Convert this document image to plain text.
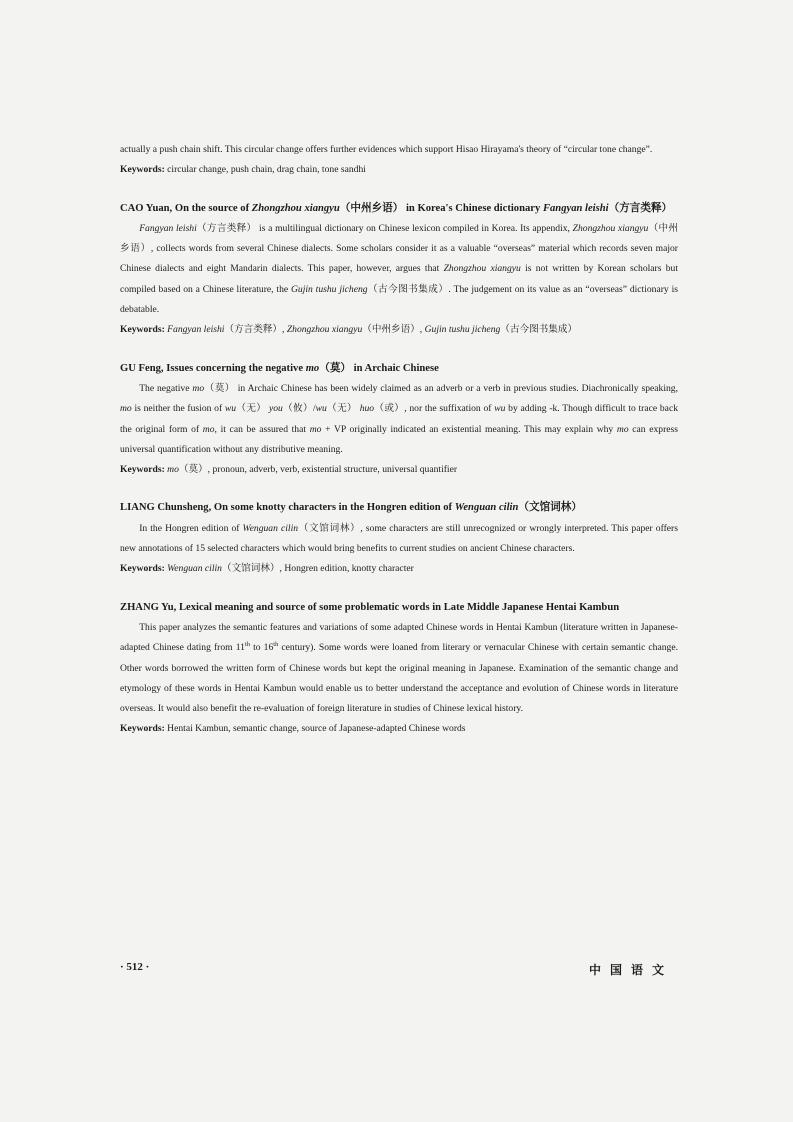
actually a push chain shift. This circular change offers further evidences which support Hisao Hirayama's theory of “circular tone change”.

Keywords: circular change, push chain, drag chain, tone sandhi

CAO Yuan, On the source of Zhongzhou xiangyu（中州乡语） in Korea's Chinese dictionary Fangyan leishi（方言类释）

Fangyan leishi（方言类释） is a multilingual dictionary on Chinese lexicon compiled in Korea. Its appendix, Zhongzhou xiangyu（中州乡语）, collects words from several Chinese dialects. Some scholars consider it as a valuable “overseas” material which records seven major Chinese dialects and eight Mandarin dialects. This paper, however, argues that Zhongzhou xiangyu is not written by Korean scholars but compiled based on a Chinese literature, the Gujin tushu jicheng（古今图书集成）. The judgement on its value as an “overseas” dictionary is debatable.

Keywords: Fangyan leishi（方言类释）, Zhongzhou xiangyu（中州乡语）, Gujin tushu jicheng（古今图书集成）

GU Feng, Issues concerning the negative mo（莫） in Archaic Chinese

The negative mo（莫） in Archaic Chinese has been widely claimed as an adverb or a verb in previous studies. Diachronically speaking, mo is neither the fusion of wu（无） you（攸）/wu（无） huo（或）, nor the suffixation of wu by adding -k. Though difficult to trace back the original form of mo, it can be assured that mo + VP originally indicated an existential meaning. This may explain why mo can express universal quantification without any distributive meaning.

Keywords: mo（莫）, pronoun, adverb, verb, existential structure, universal quantifier

LIANG Chunsheng, On some knotty characters in the Hongren edition of Wenguan cilin（文馆词林）

In the Hongren edition of Wenguan cilin（文馆词林）, some characters are still unrecognized or wrongly interpreted. This paper offers new annotations of 15 selected characters which would bring benefits to current studies on ancient Chinese characters.

Keywords: Wenguan cilin（文馆词林）, Hongren edition, knotty character

ZHANG Yu, Lexical meaning and source of some problematic words in Late Middle Japanese Hentai Kambun

This paper analyzes the semantic features and variations of some adapted Chinese words in Hentai Kambun (literature written in Japanese-adapted Chinese dating from 11th to 16th century). Some words were loaned from literary or vernacular Chinese with certain semantic change. Other words borrowed the written form of Chinese words but kept the original meaning in Japanese. Examination of the semantic change and etymology of these words in Hentai Kambun would enable us to better understand the acceptance and evolution of Chinese words in literature overseas. It would also benefit the re-evaluation of foreign literature in studies of Chinese lexical history.

Keywords: Hentai Kambun, semantic change, source of Japanese-adapted Chinese words

· 512 ·	中国语文
